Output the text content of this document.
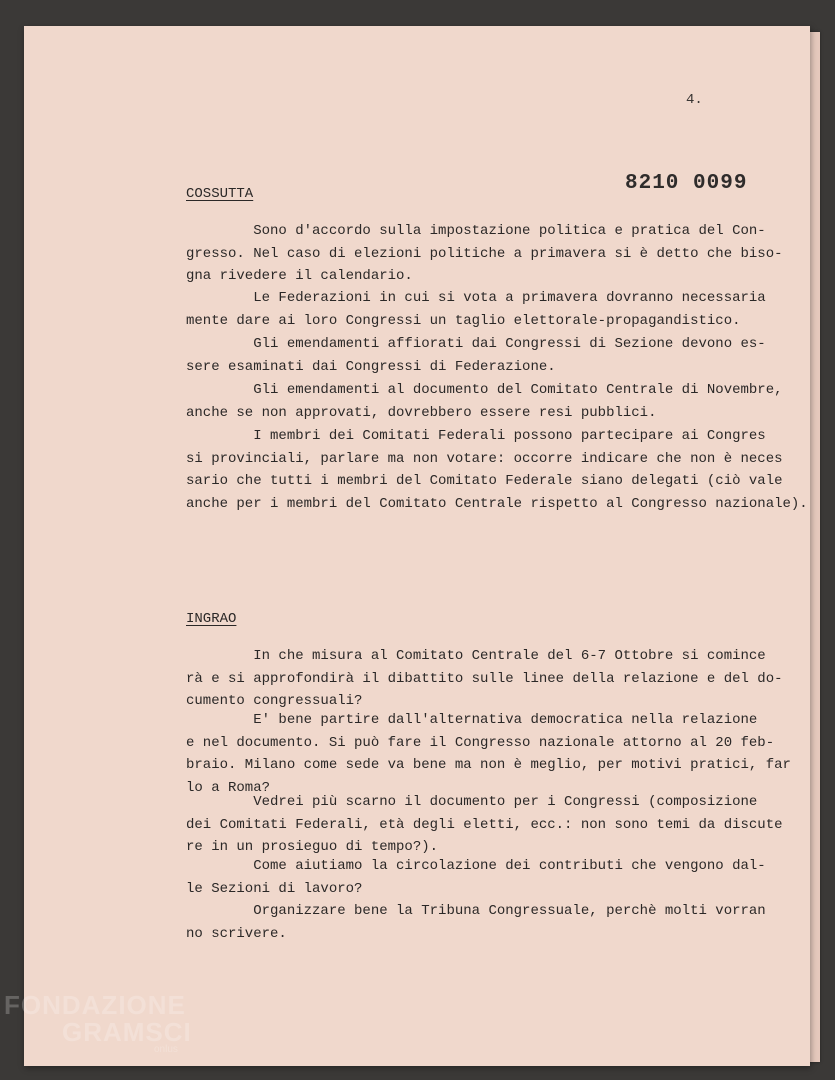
4.
8210 0099
COSSUTTA

Sono d'accordo sulla impostazione politica e pratica del Con-
gresso. Nel caso di elezioni politiche a primavera si è detto che biso-
gna rivedere il calendario.

Le Federazioni in cui si vota a primavera dovranno necessaria
mente dare ai loro Congressi un taglio elettorale-propagandistico.

Gli emendamenti affiorati dai Congressi di Sezione devono es-
sere esaminati dai Congressi di Federazione.

Gli emendamenti al documento del Comitato Centrale di Novembre,
anche se non approvati, dovrebbero essere resi pubblici.

I membri dei Comitati Federali possono partecipare ai Congres
si provinciali, parlare ma non votare: occorre indicare che non è neces
sario che tutti i membri del Comitato Federale siano delegati (ciò vale
anche per i membri del Comitato Centrale rispetto al Congresso nazionale).

INGRAO

In che misura al Comitato Centrale del 6-7 Ottobre si comince
rà e si approfondirà il dibattito sulle linee della relazione e del do-
cumento congressuali?

E' bene partire dall'alternativa democratica nella relazione
e nel documento. Si può fare il Congresso nazionale attorno al 20 feb-
braio. Milano come sede va bene ma non è meglio, per motivi pratici,
lo a Roma?

Vedrei più scarno il documento per i Congressi (composizione
dei Comitati Federali, età degli eletti, ecc.: non sono temi da discute
re in un prosieguo di tempo?).

Come aiutiamo la circolazione dei contributi che vengono dal-
le Sezioni di lavoro?

Organizzare bene la Tribuna Congressuale, perchè molti vorran
no scrivere.

FONDAZIONE
GRAMSCI
onlus
